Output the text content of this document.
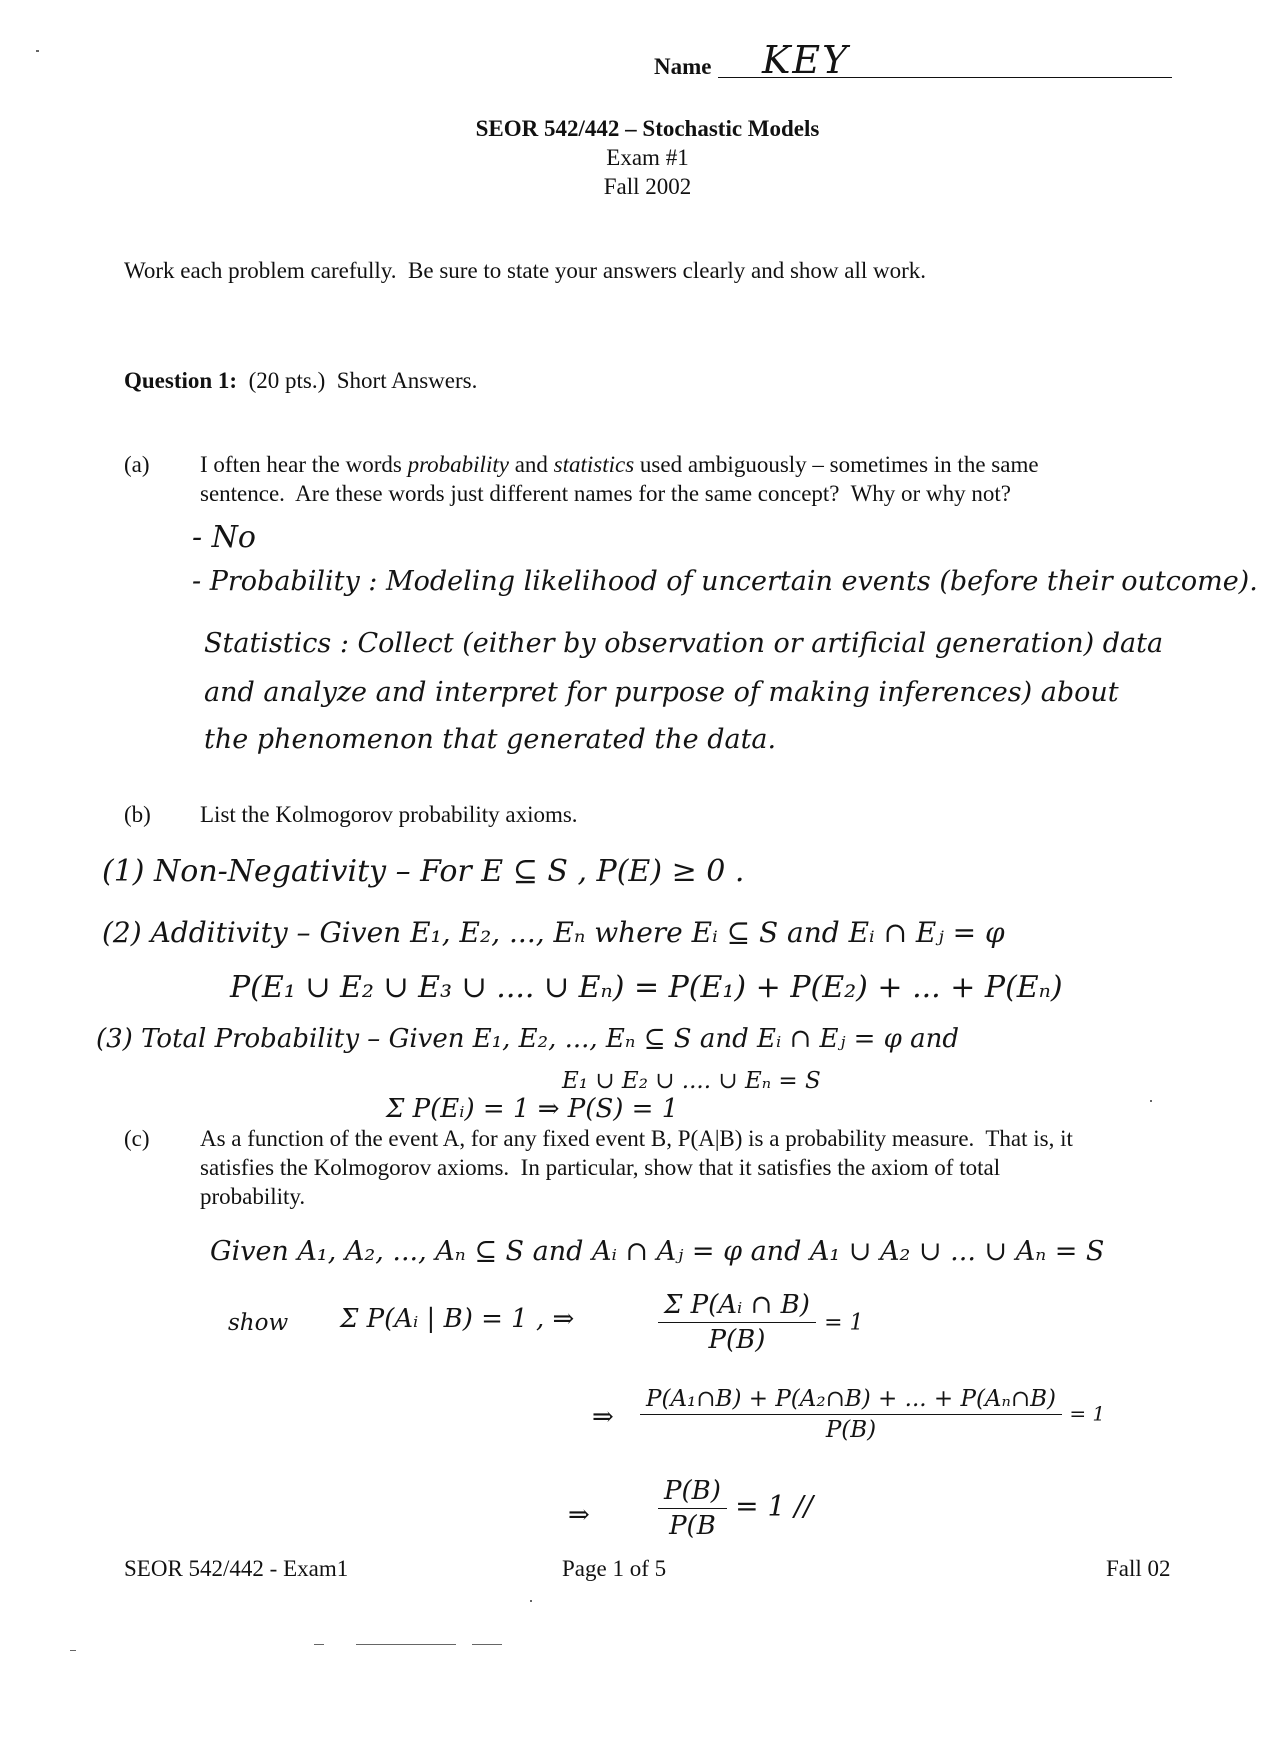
Name KEY
SEOR 542/442 – Stochastic Models
Exam #1
Fall 2002
Work each problem carefully.  Be sure to state your answers clearly and show all work.
Question 1: (20 pts.) Short Answers.
(a) I often hear the words probability and statistics used ambiguously – sometimes in the same
sentence.  Are these words just different names for the same concept?  Why or why not?
- No
- Probability : Modeling likelihood of uncertain events (before their outcome).
Statistics : Collect (either by observation or artificial generation) data
and analyze and interpret for purpose of making inferences) about
the phenomenon that generated the data.
(b) List the Kolmogorov probability axioms.
(1) Non-Negativity – For E ⊆ S , P(E) ≥ 0 .
(2) Additivity – Given E₁, E₂, ..., Eₙ where Eᵢ ⊆ S and Eᵢ ∩ Eⱼ = φ
P(E₁ ∪ E₂ ∪ E₃ ∪ .... ∪ Eₙ) = P(E₁) + P(E₂) + ... + P(Eₙ)
(3) Total Probability – Given E₁, E₂, ..., Eₙ ⊆ S and Eᵢ ∩ Eⱼ = φ and
E₁ ∪ E₂ ∪ .... ∪ Eₙ = S
Σ P(Eᵢ) = 1 ⇒ P(S) = 1
(c) As a function of the event A, for any fixed event B, P(A|B) is a probability measure.  That is, it
satisfies the Kolmogorov axioms.  In particular, show that it satisfies the axiom of total
probability.
Given A₁, A₂, ..., Aₙ ⊆ S and Aᵢ ∩ Aⱼ = φ and A₁ ∪ A₂ ∪ ... ∪ Aₙ = S
show Σ P(Aᵢ | B) = 1 , ⇒	$\frac{\text{Σ P(Aᵢ ∩ B)}}{P(B)} = 1$
⇒ $\frac{\text{P(A₁∩B) + P(A₂∩B) + ... + P(Aₙ∩B)}}{P(B)} = 1$
⇒	$\frac{P(B)}{P(B} = 1$ //
SEOR 542/442 - Exam1	Page 1 of 5	Fall 02
